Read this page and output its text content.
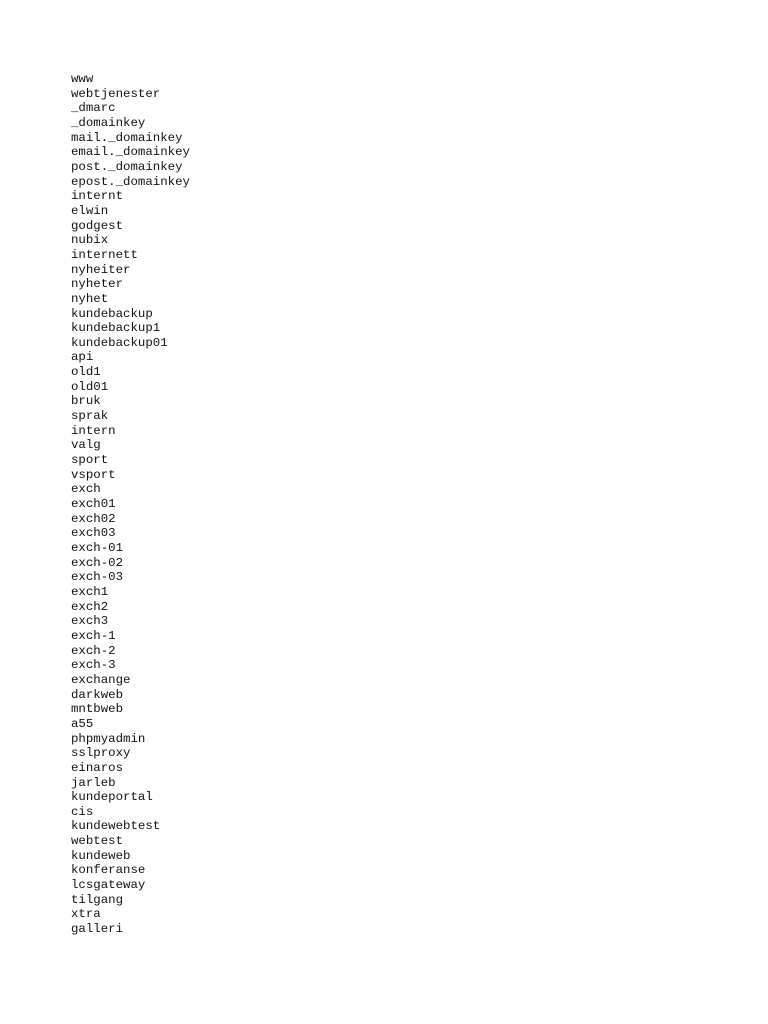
www
webtjenester
_dmarc
_domainkey
mail._domainkey
email._domainkey
post._domainkey
epost._domainkey
internt
elwin
godgest
nubix
internett
nyheiter
nyheter
nyhet
kundebackup
kundebackup1
kundebackup01
api
old1
old01
bruk
sprak
intern
valg
sport
vsport
exch
exch01
exch02
exch03
exch-01
exch-02
exch-03
exch1
exch2
exch3
exch-1
exch-2
exch-3
exchange
darkweb
mntbweb
a55
phpmyadmin
sslproxy
einaros
jarleb
kundeportal
cis
kundewebtest
webtest
kundeweb
konferanse
lcsgateway
tilgang
xtra
galleri
